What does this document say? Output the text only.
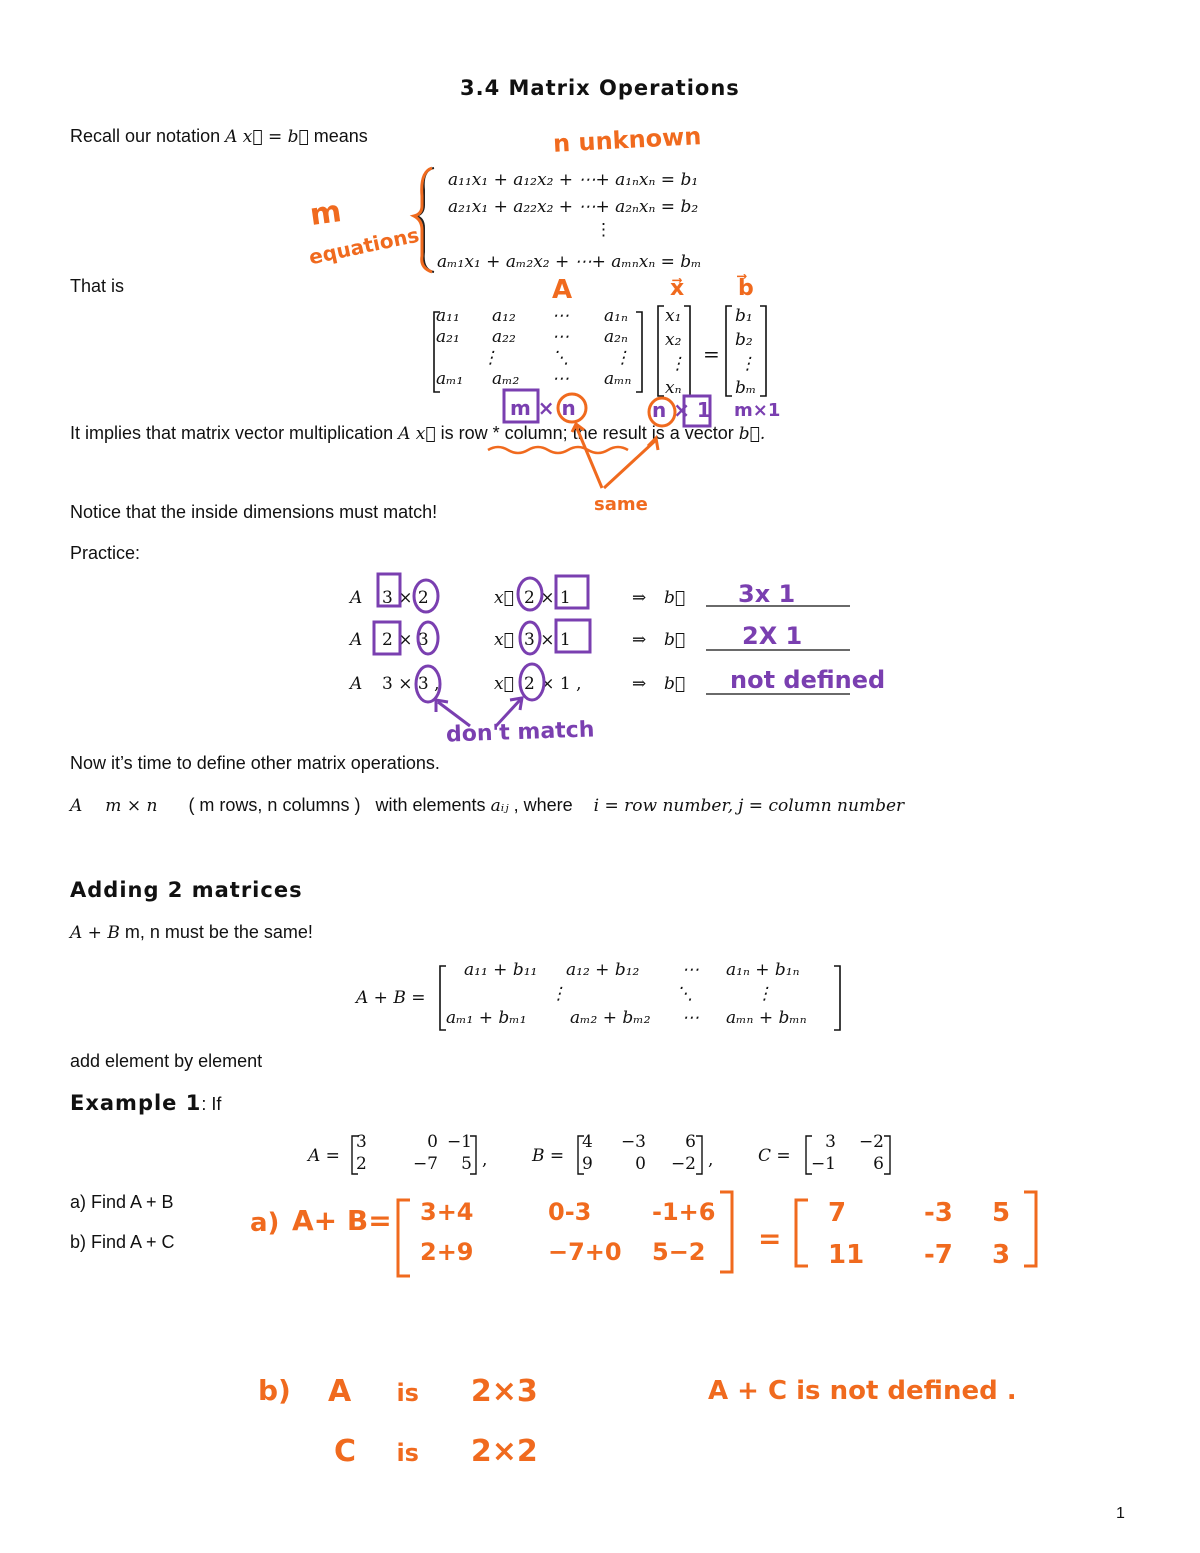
3.4 Matrix Operations
Recall our notation A x⃗ = b⃗ means	n unknown
a₁₁x₁ + a₁₂x₂ + ⋯+ a₁ₙxₙ = b₁
a₂₁x₁ + a₂₂x₂ + ⋯+ a₂ₙxₙ = b₂
⋮
aₘ₁x₁ + aₘ₂x₂ + ⋯+ aₘₙxₙ = bₘ
m
equations
That is	A	x⃗ b⃗
a₁₁	a₁₂	⋯	a₁ₙ
a₂₁	a₂₂	⋯	a₂ₙ
⋮	⋱	⋮
aₘ₁	aₘ₂	⋯	aₘₙ
x₁
x₂
⋮
xₙ
=
b₁
b₂
⋮
bₘ
m × n	n × 1 m×1
It implies that matrix vector multiplication A x⃗ is row * column; the result is a vector b⃗.
same
Notice that the inside dimensions must match!
Practice:
A 3 × 2 ,	x⃗ 2 × 1	⇒ b⃗ 3x 1
A 2 × 3 ,	x⃗ 3 × 1	⇒ b⃗ 2X 1
A 3 × 3 ,	x⃗ 2 × 1 ,	⇒ b⃗ not defined
don't match
Now it’s time to define other matrix operations.
A m × n ( m rows, n columns ) with elements aᵢⱼ , where i = row number, j = column number
Adding 2 matrices
A + B m, n must be the same!
A + B =
a₁₁ + b₁₁	a₁₂ + b₁₂	⋯	a₁ₙ + b₁ₙ
⋮	⋱	⋮
aₘ₁ + bₘ₁	aₘ₂ + bₘ₂	⋯	aₘₙ + bₘₙ
add element by element
Example 1: If
A =
3	0 −1
2	−7	5 ,	B =
4	−3	6
9	0	−2 ,	C =
3	−2
−1	6
a) Find A + B
b) Find A + C
a) A+ B= 3+4	0-3	-1+6
2+9	−7+0	5−2	=
7	-3	5
11	-7	3
b) A is 2×3
C is 2×2
A + C is not defined .
1
